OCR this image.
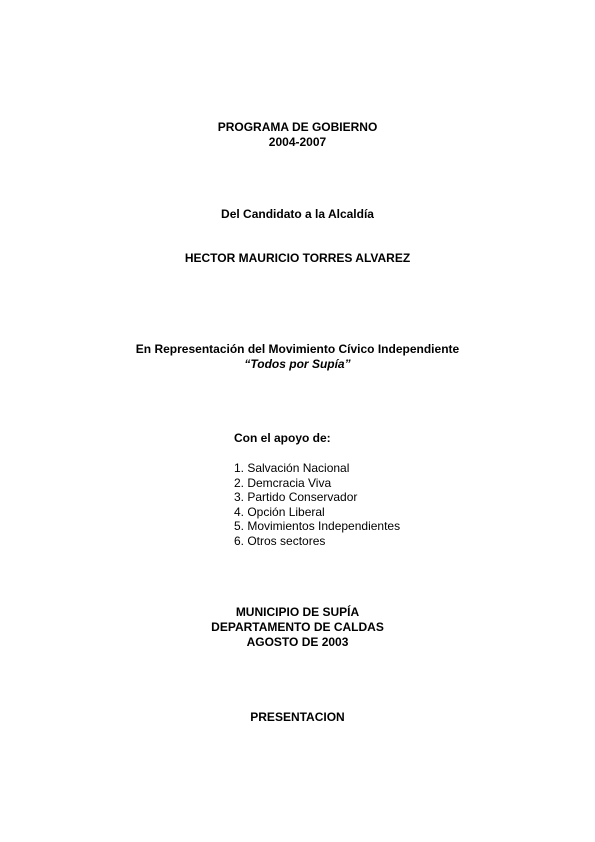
PROGRAMA DE GOBIERNO
2004-2007
Del Candidato a la Alcaldía
HECTOR MAURICIO TORRES ALVAREZ
En Representación del Movimiento Cívico Independiente
“Todos por Supía”
Con el apoyo de:
1. Salvación Nacional
2. Demcracia Viva
3. Partido Conservador
4. Opción Liberal
5. Movimientos Independientes
6. Otros sectores
MUNICIPIO DE SUPÍA
DEPARTAMENTO DE CALDAS
AGOSTO DE 2003
PRESENTACION
